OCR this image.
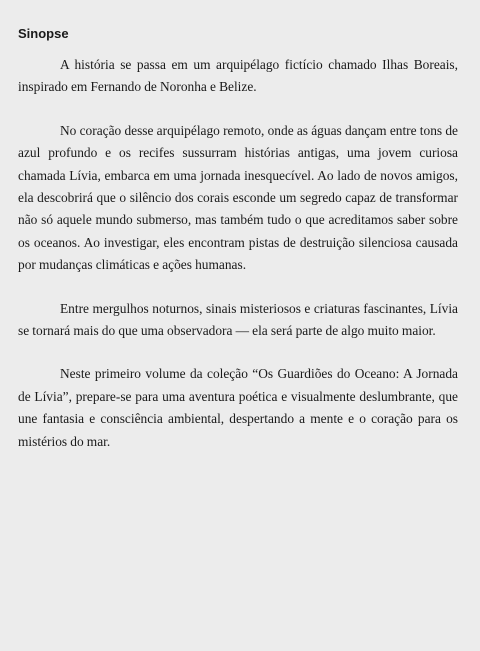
Sinopse

A história se passa em um arquipélago fictício chamado Ilhas Boreais, inspirado em Fernando de Noronha e Belize.

No coração desse arquipélago remoto, onde as águas dançam entre tons de azul profundo e os recifes sussurram histórias antigas, uma jovem curiosa chamada Lívia, embarca em uma jornada inesquecível. Ao lado de novos amigos, ela descobrirá que o silêncio dos corais esconde um segredo capaz de transformar não só aquele mundo submerso, mas também tudo o que acreditamos saber sobre os oceanos. Ao investigar, eles encontram pistas de destruição silenciosa causada por mudanças climáticas e ações humanas.

Entre mergulhos noturnos, sinais misteriosos e criaturas fascinantes, Lívia se tornará mais do que uma observadora — ela será parte de algo muito maior.

Neste primeiro volume da coleção “Os Guardiões do Oceano: A Jornada de Lívia”, prepare-se para uma aventura poética e visualmente deslumbrante, que une fantasia e consciência ambiental, despertando a mente e o coração para os mistérios do mar.
